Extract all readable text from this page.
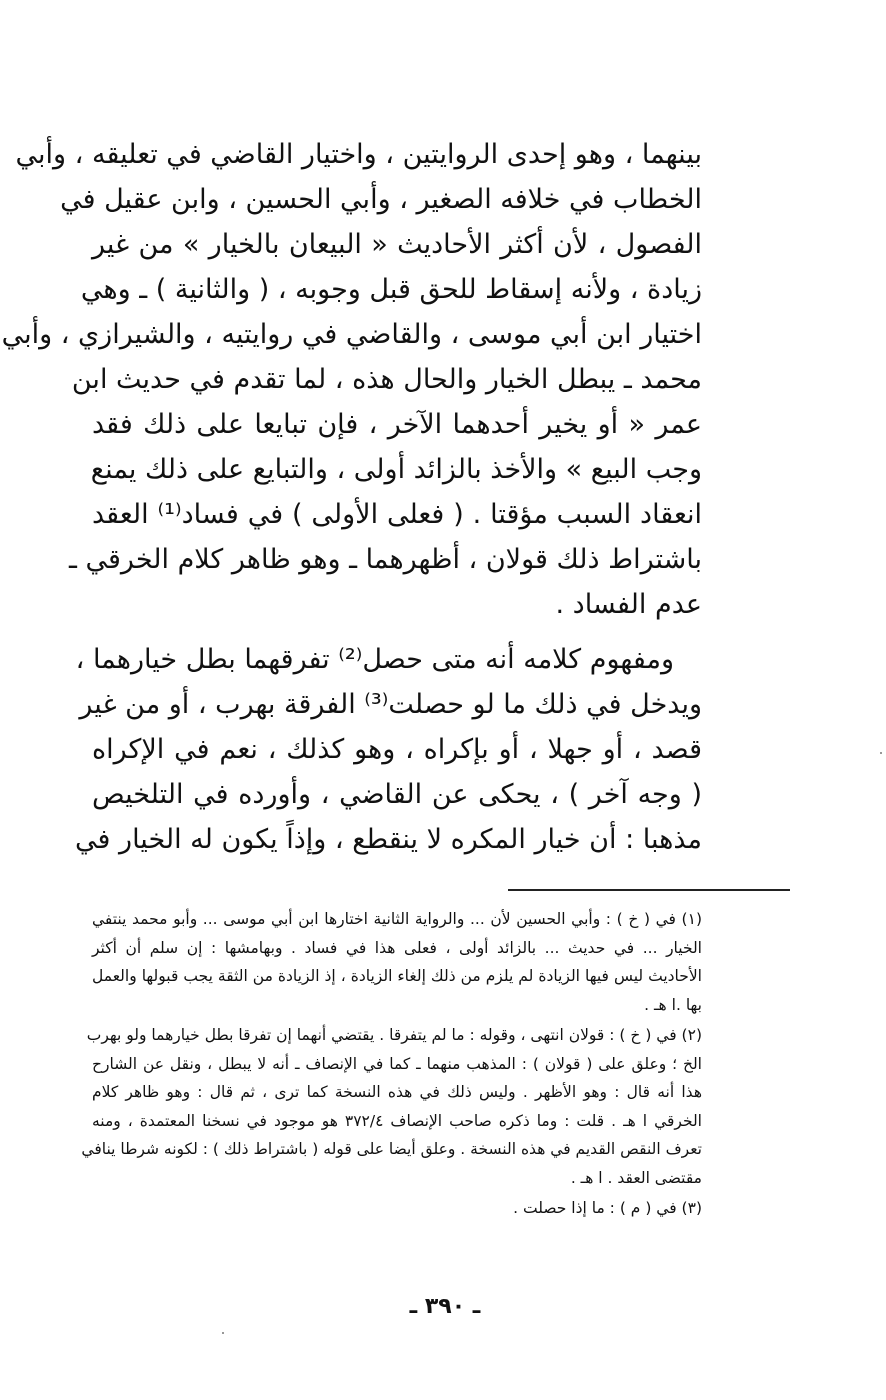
بينهما ، وهو إحدى الروايتين ، واختيار القاضي في تعليقه ، وأبي
الخطاب في خلافه الصغير ، وأبي الحسين ، وابن عقيل في
الفصول ، لأن أكثر الأحاديث « البيعان بالخيار » من غير
زيادة ، ولأنه إسقاط للحق قبل وجوبه ، ( والثانية ) ـ وهي
اختيار ابن أبي موسى ، والقاضي في روايتيه ، والشيرازي ، وأبي
محمد ـ يبطل الخيار والحال هذه ، لما تقدم في حديث ابن
عمر « أو يخير أحدهما الآخر ، فإن تبايعا على ذلك فقد
وجب البيع » والأخذ بالزائد أولى ، والتبايع على ذلك يمنع
انعقاد السبب مؤقتا . ( فعلى الأولى ) في فساد⁽¹⁾ العقد
باشتراط ذلك قولان ، أظهرهما ـ وهو ظاهر كلام الخرقي ـ
عدم الفساد .
ومفهوم كلامه أنه متى حصل⁽²⁾ تفرقهما بطل خيارهما ،
ويدخل في ذلك ما لو حصلت⁽³⁾ الفرقة بهرب ، أو من غير
قصد ، أو جهلا ، أو بإكراه ، وهو كذلك ، نعم في الإكراه
( وجه آخر ) ، يحكى عن القاضي ، وأورده في التلخيص
مذهبا : أن خيار المكره لا ينقطع ، وإذاً يكون له الخيار في
(١) في ( خ ) : وأبي الحسين لأن ... والرواية الثانية اختارها ابن أبي موسى ... وأبو محمد ينتفي
الخيار ... في حديث ... بالزائد أولى ، فعلى هذا في فساد . وبهامشها : إن سلم أن أكثر
الأحاديث ليس فيها الزيادة لم يلزم من ذلك إلغاء الزيادة ، إذ الزيادة من الثقة يجب قبولها والعمل
بها .ا هـ .
(٢) في ( خ ) : قولان انتهى ، وقوله : ما لم يتفرقا . يقتضي أنهما إن تفرقا بطل خيارهما ولو بهرب
الخ ؛ وعلق على ( قولان ) : المذهب منهما ـ كما في الإنصاف ـ أنه لا يبطل ، ونقل عن الشارح
هذا أنه قال : وهو الأظهر . وليس ذلك في هذه النسخة كما ترى ، ثم قال : وهو ظاهر كلام
الخرقي ا هـ . قلت : وما ذكره صاحب الإنصاف ٣٧٢/٤ هو موجود في نسخنا المعتمدة ، ومنه
تعرف النقص القديم في هذه النسخة . وعلق أيضا على قوله ( باشتراط ذلك ) : لكونه شرطا ينافي
مقتضى العقد . ا هـ .
(٣) في ( م ) : ما إذا حصلت .
ـ ٣٩٠ ـ
